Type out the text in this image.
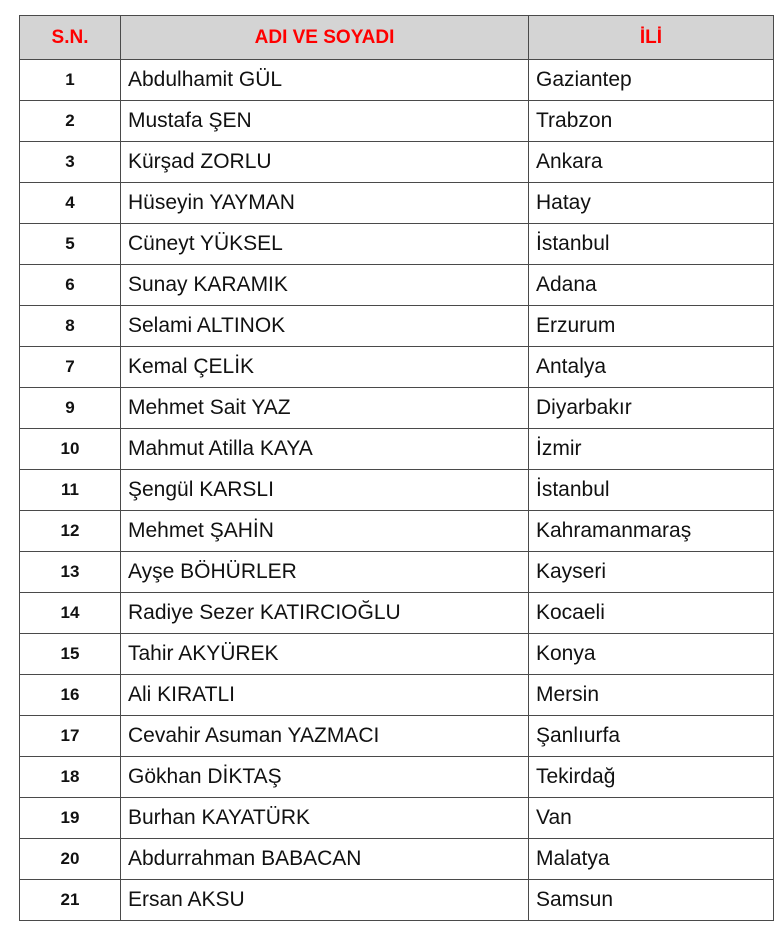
S.N.	ADI VE SOYADI	İLİ
1	Abdulhamit GÜL	Gaziantep
2	Mustafa ŞEN	Trabzon
3	Kürşad ZORLU	Ankara
4	Hüseyin YAYMAN	Hatay
5	Cüneyt YÜKSEL	İstanbul
6	Sunay KARAMIK	Adana
8	Selami ALTINOK	Erzurum
7	Kemal ÇELİK	Antalya
9	Mehmet Sait YAZ	Diyarbakır
10	Mahmut Atilla KAYA	İzmir
11	Şengül KARSLI	İstanbul
12	Mehmet ŞAHİN	Kahramanmaraş
13	Ayşe BÖHÜRLER	Kayseri
14	Radiye Sezer KATIRCIOĞLU	Kocaeli
15	Tahir AKYÜREK	Konya
16	Ali KIRATLI	Mersin
17	Cevahir Asuman YAZMACI	Şanlıurfa
18	Gökhan DİKTAŞ	Tekirdağ
19	Burhan KAYATÜRK	Van
20	Abdurrahman BABACAN	Malatya
21	Ersan AKSU	Samsun
